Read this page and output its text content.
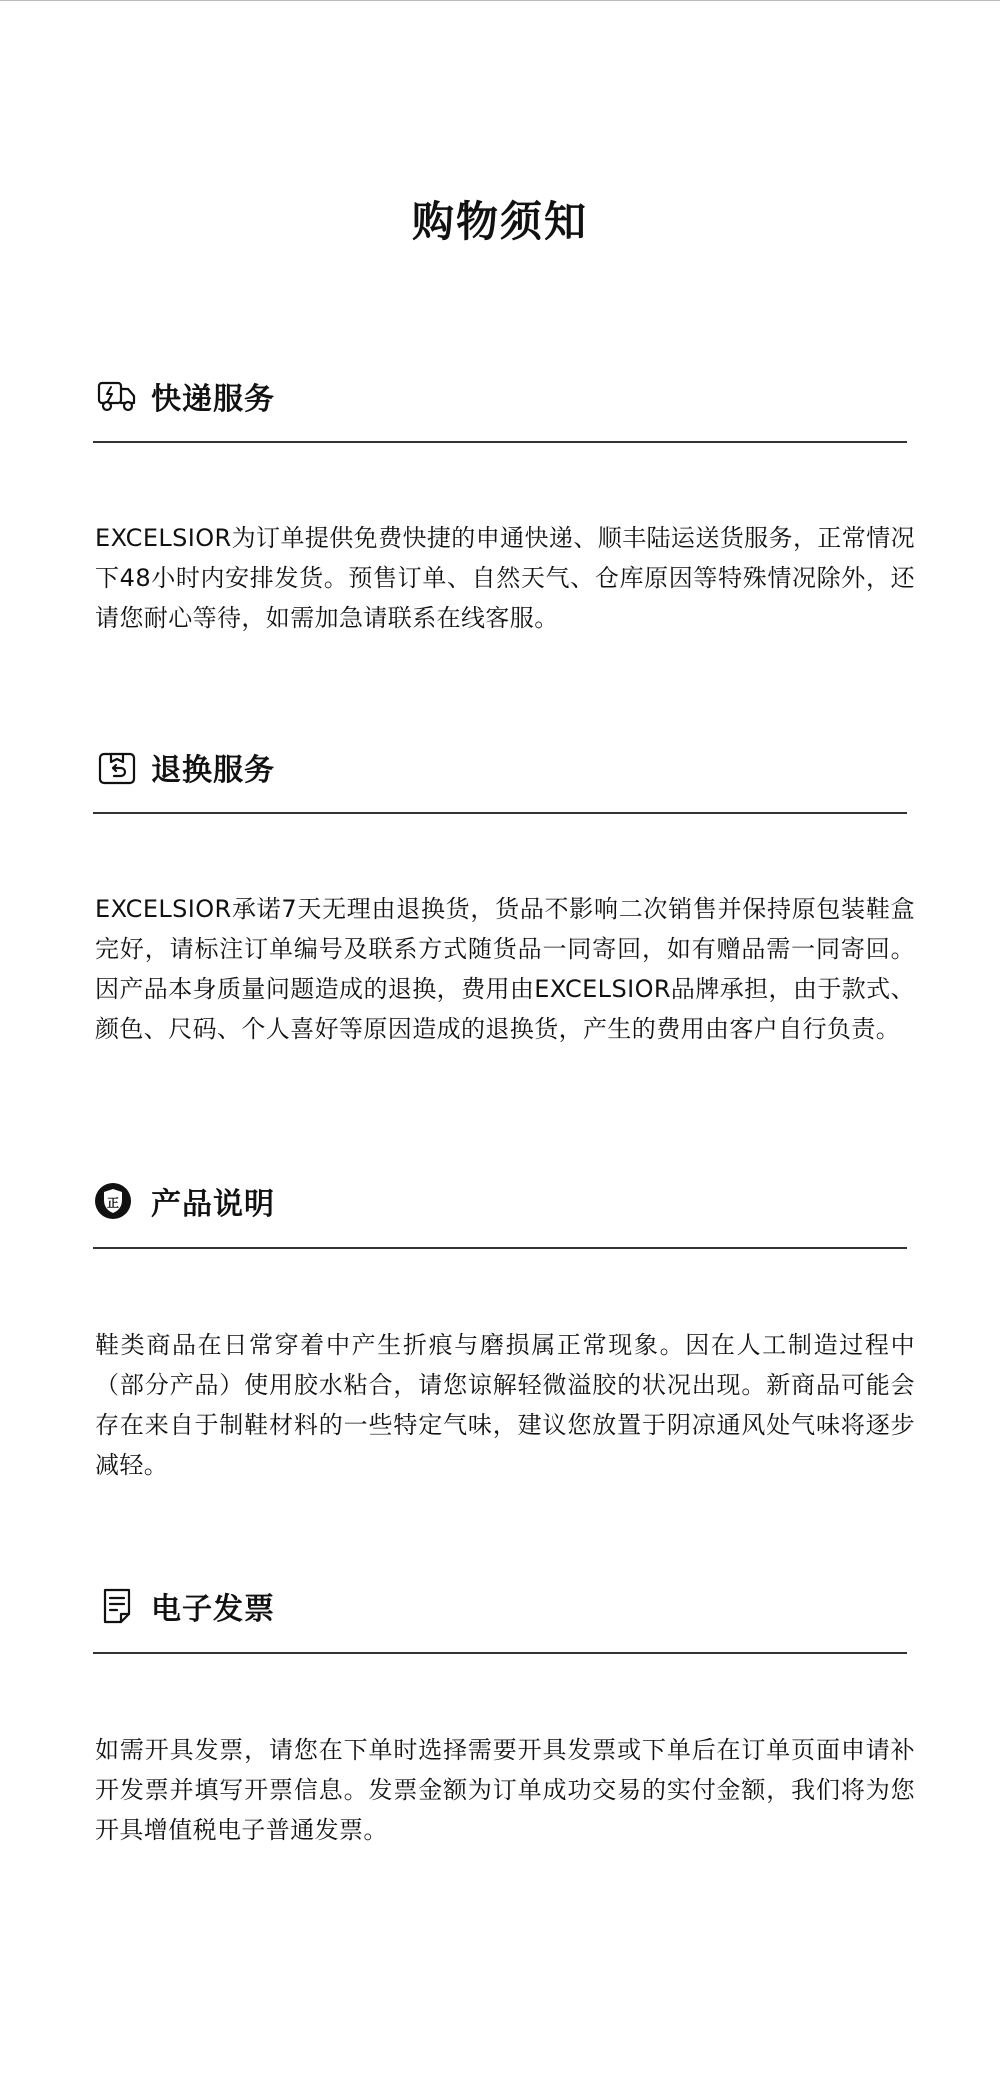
购物须知
快递服务

EXCELSIOR为订单提供免费快捷的申通快递、顺丰陆运送货服务，正常情况下48小时内安排发货。预售订单、自然天气、仓库原因等特殊情况除外，还请您耐心等待，如需加急请联系在线客服。

退换服务

EXCELSIOR承诺7天无理由退换货，货品不影响二次销售并保持原包装鞋盒完好，请标注订单编号及联系方式随货品一同寄回，如有赠品需一同寄回。因产品本身质量问题造成的退换，费用由EXCELSIOR品牌承担，由于款式、颜色、尺码、个人喜好等原因造成的退换货，产生的费用由客户自行负责。

正 产品说明

鞋类商品在日常穿着中产生折痕与磨损属正常现象。因在人工制造过程中（部分产品）使用胶水粘合，请您谅解轻微溢胶的状况出现。新商品可能会存在来自于制鞋材料的一些特定气味，建议您放置于阴凉通风处气味将逐步减轻。

电子发票

如需开具发票，请您在下单时选择需要开具发票或下单后在订单页面申请补开发票并填写开票信息。发票金额为订单成功交易的实付金额，我们将为您开具增值税电子普通发票。
